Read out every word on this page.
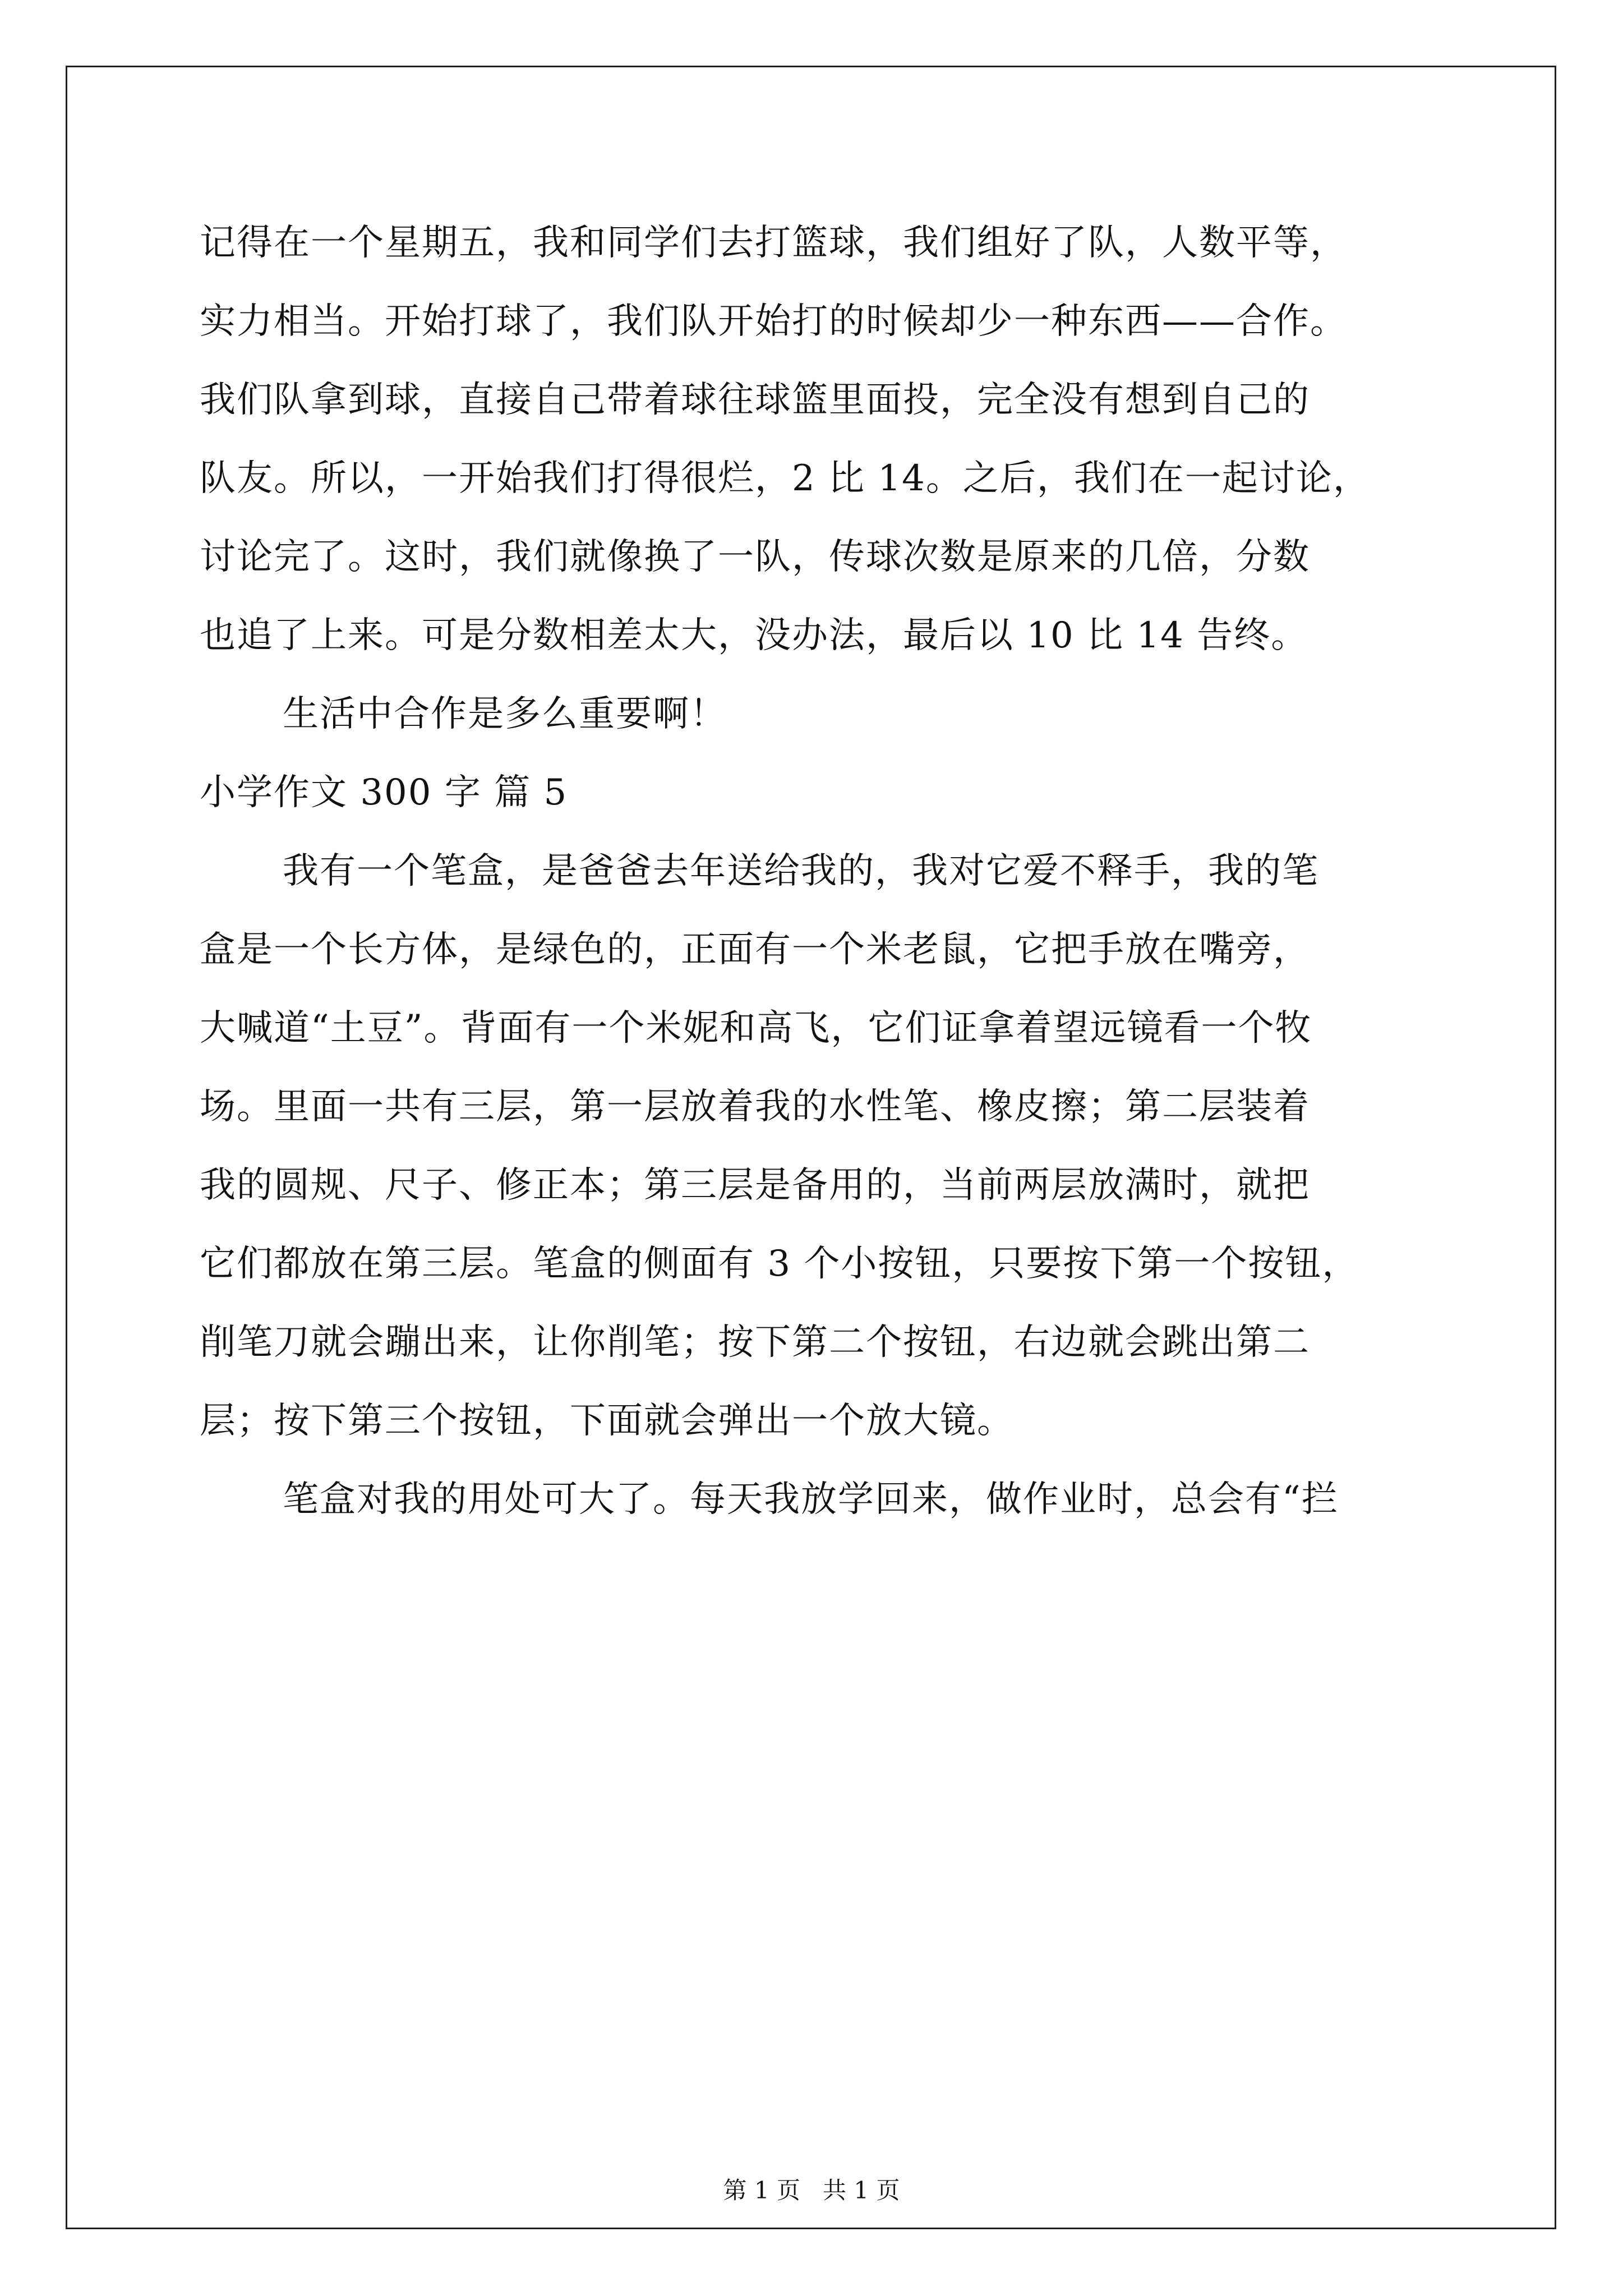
记得在一个星期五，我和同学们去打篮球，我们组好了队，人数平等，
实力相当。开始打球了，我们队开始打的时候却少一种东西——合作。
我们队拿到球，直接自己带着球往球篮里面投，完全没有想到自己的
队友。所以，一开始我们打得很烂，2 比 14。之后，我们在一起讨论，
讨论完了。这时，我们就像换了一队，传球次数是原来的几倍，分数
也追了上来。可是分数相差太大，没办法，最后以 10 比 14 告终。
生活中合作是多么重要啊！
小学作文 300 字 篇 5
我有一个笔盒，是爸爸去年送给我的，我对它爱不释手，我的笔
盒是一个长方体，是绿色的，正面有一个米老鼠，它把手放在嘴旁，
大喊道“土豆”。背面有一个米妮和高飞，它们证拿着望远镜看一个牧
场。里面一共有三层，第一层放着我的水性笔、橡皮擦；第二层装着
我的圆规、尺子、修正本；第三层是备用的，当前两层放满时，就把
它们都放在第三层。笔盒的侧面有 3 个小按钮，只要按下第一个按钮，
削笔刀就会蹦出来，让你削笔；按下第二个按钮，右边就会跳出第二
层；按下第三个按钮，下面就会弹出一个放大镜。
笔盒对我的用处可大了。每天我放学回来，做作业时，总会有“拦
第 1 页   共 1 页
